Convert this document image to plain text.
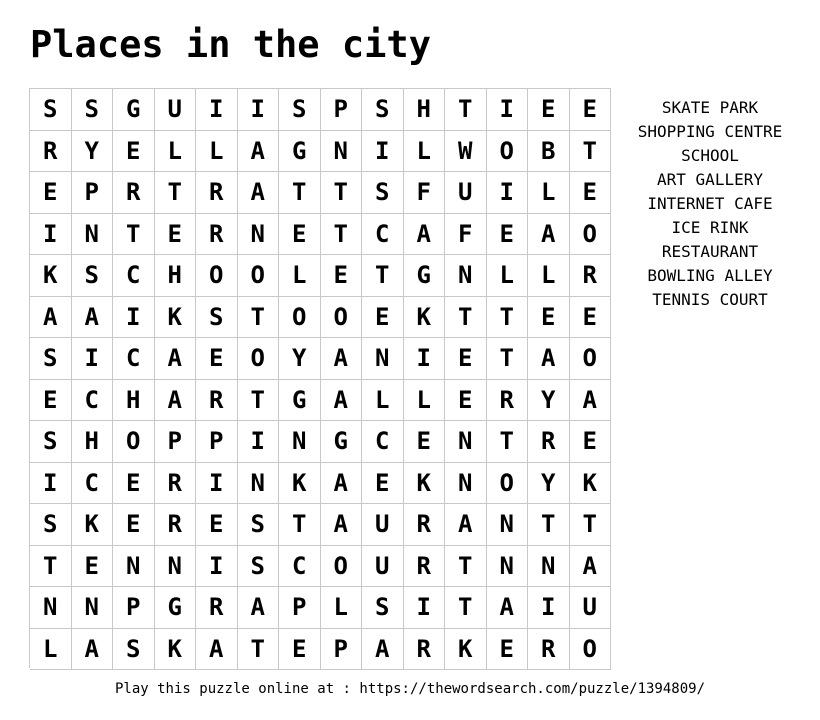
Places in the city
S	S	G	U	I	I	S	P	S	H	T	I	E	E
R	Y	E	L	L	A	G	N	I	L	W	O	B	T
E	P	R	T	R	A	T	T	S	F	U	I	L	E
I	N	T	E	R	N	E	T	C	A	F	E	A	O
K	S	C	H	O	O	L	E	T	G	N	L	L	R
A	A	I	K	S	T	O	O	E	K	T	T	E	E
S	I	C	A	E	O	Y	A	N	I	E	T	A	O
E	C	H	A	R	T	G	A	L	L	E	R	Y	A
S	H	O	P	P	I	N	G	C	E	N	T	R	E
I	C	E	R	I	N	K	A	E	K	N	O	Y	K
S	K	E	R	E	S	T	A	U	R	A	N	T	T
T	E	N	N	I	S	C	O	U	R	T	N	N	A
N	N	P	G	R	A	P	L	S	I	T	A	I	U
L	A	S	K	A	T	E	P	A	R	K	E	R	O
SKATE PARK
SHOPPING CENTRE
SCHOOL
ART GALLERY
INTERNET CAFE
ICE RINK
RESTAURANT
BOWLING ALLEY
TENNIS COURT
Play this puzzle online at : https://thewordsearch.com/puzzle/1394809/
